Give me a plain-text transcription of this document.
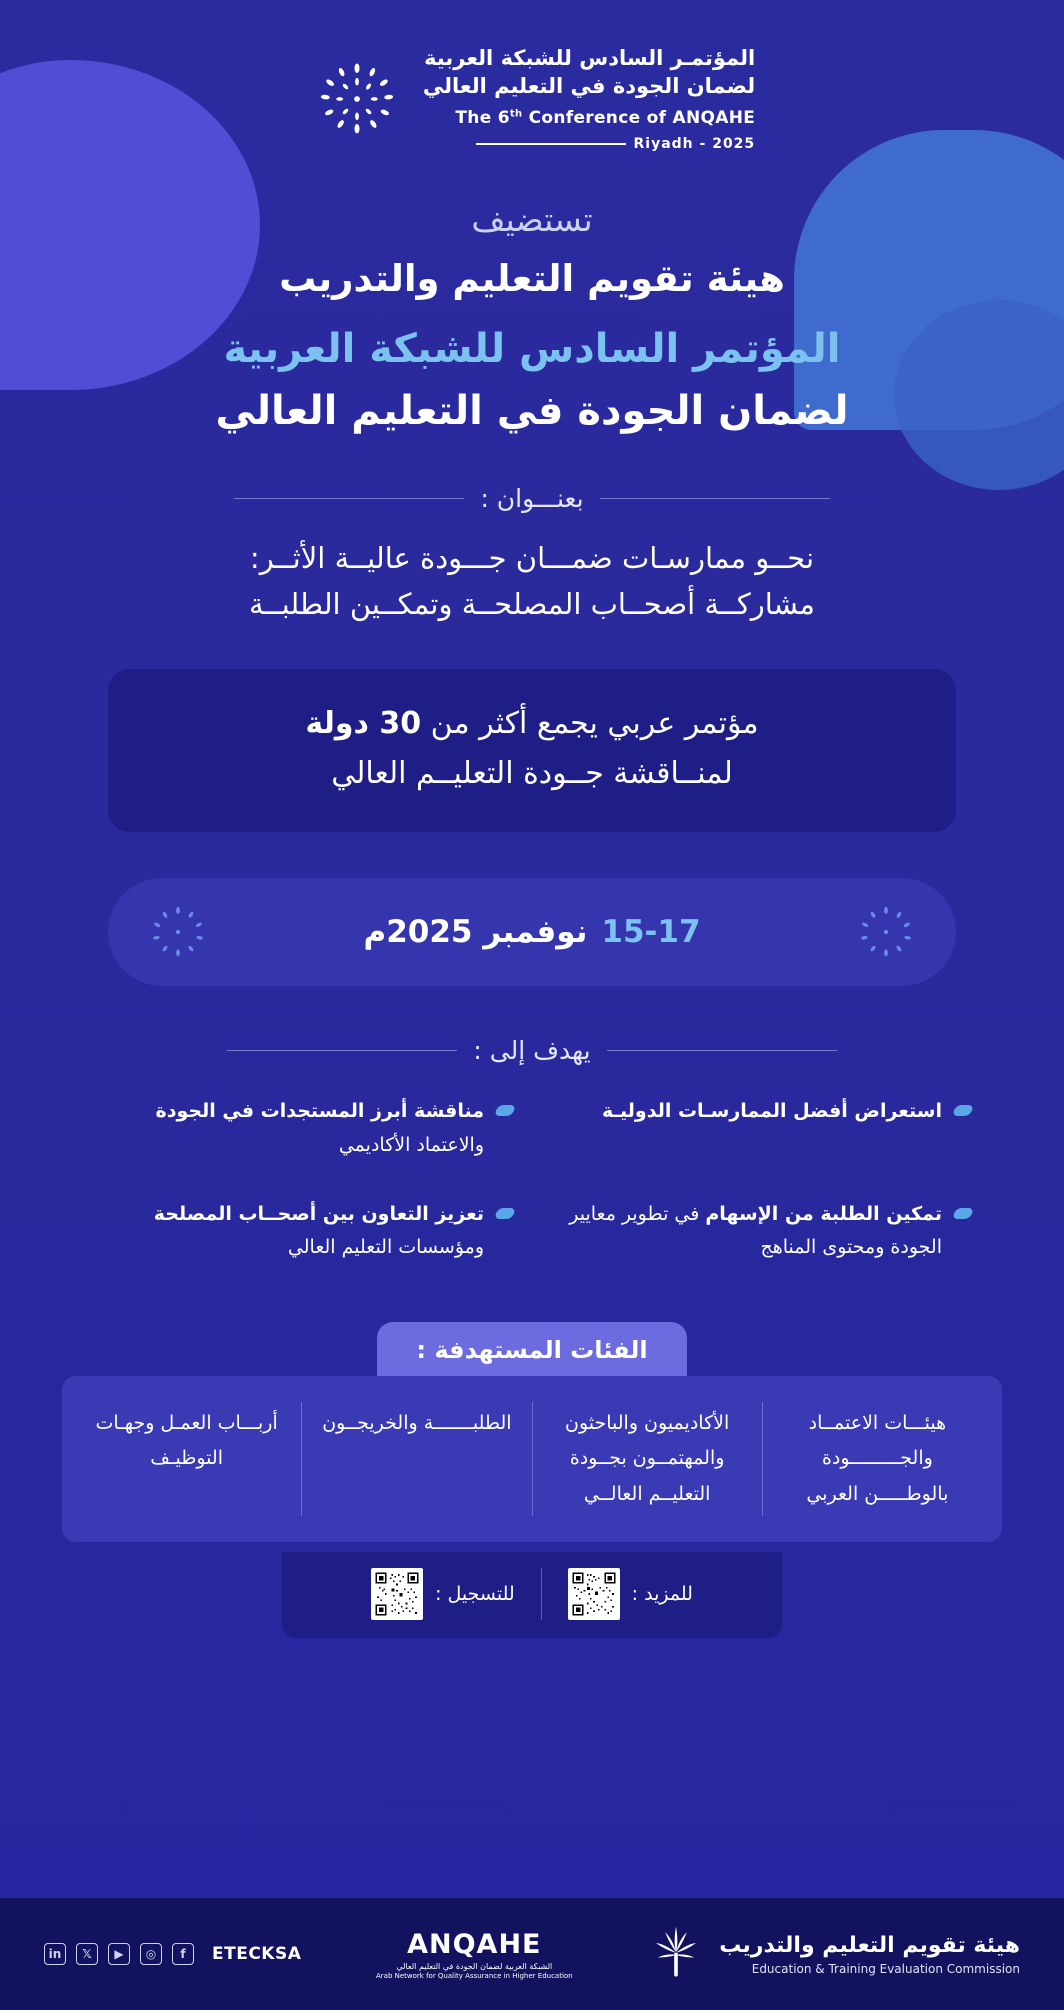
المؤتمـر السادس للشبكة العربية
لضمان الجودة في التعليم العالي
The 6th Conference of ANQAHE
Riyadh - 2025
تستضيف
هيئة تقويم التعليم والتدريب
المؤتمر السادس للشبكة العربية
لضمان الجودة في التعليم العالي
بعنـــوان :
نحــو ممارسـات ضمـــان جـــودة عاليــة الأثــر:
مشاركــة أصحــاب المصلحــة وتمكــين الطلبــة

مؤتمر عربي يجمع أكثر من 30 دولة

لمنــاقشة جــودة التعليــم العالي

15-17
نوفمبر 2025م
يهدف إلى :
استعراض أفضل الممارسـات الدوليـة
مناقشة أبرز المستجدات في الجودة والاعتماد الأكاديمي
تمكين الطلبة من الإسهام في تطوير معايير الجودة ومحتوى المناهج
تعزيز التعاون بين أصحــاب المصلحة ومؤسسات التعليم العالي
الفئات المستهدفة :
هيئـــات الاعتمــاد والجـــــــــودة بالوطـــــن العربي
الأكاديميون والباحثون والمهتمــون بجــودة التعليــم العالــي
الطلبـــــــة والخريجــون
أربـــاب العمـل وجهـات التوظيـف
للمزيد :
للتسجيل :
in	𝕏	▶	◎	f	ETECKSA	ANQAHE
الشبكة العربية لضمان الجودة في التعليم العالي
Arab Network for Quality Assurance in Higher Education
هيئة تقويم التعليم والتدريب
Education & Training Evaluation Commission
